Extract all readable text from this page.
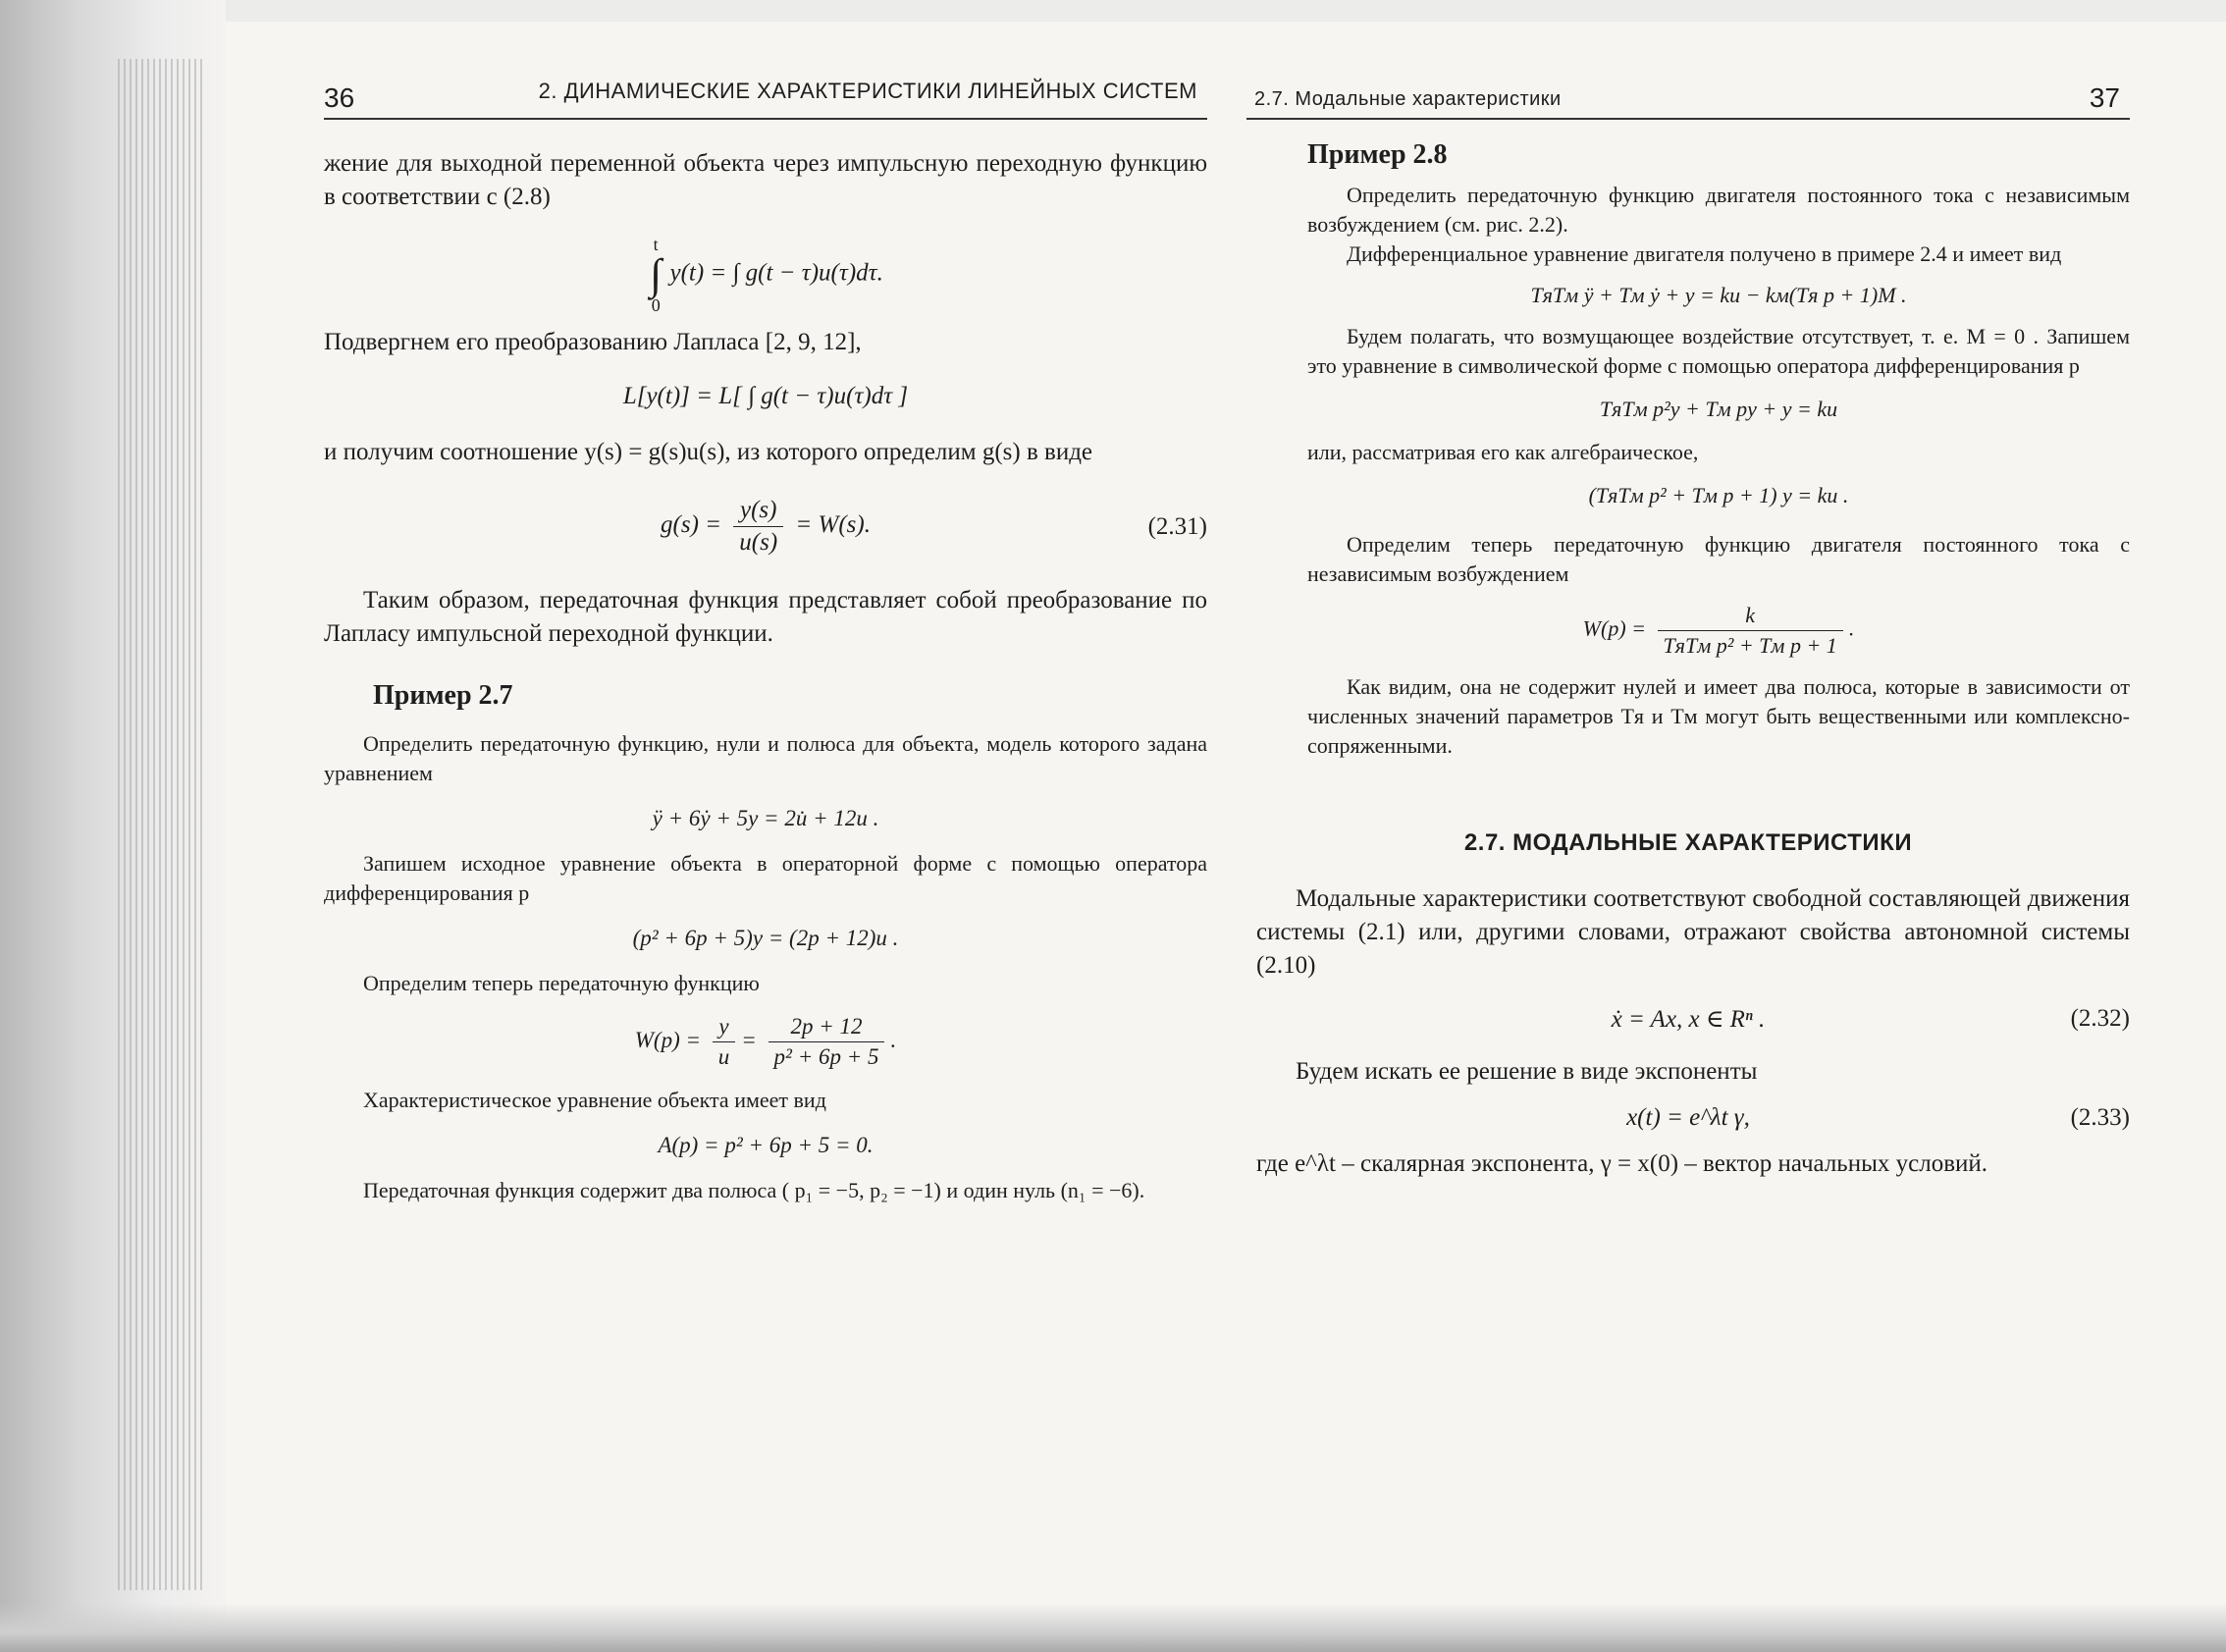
36	2. ДИНАМИЧЕСКИЕ ХАРАКТЕРИСТИКИ ЛИНЕЙНЫХ СИСТЕМ

жение для выходной переменной объекта через импульсную переходную функцию в соответствии с (2.8)

t
∫
0
y(t) = ∫ g(t − τ)u(τ)dτ.

Подвергнем его преобразованию Лапласа [2, 9, 12],

L[y(t)] = L[ ∫ g(t − τ)u(τ)dτ ]

и получим соотношение y(s) = g(s)u(s), из которого определим g(s) в виде

$g(s) = \frac{y(s)}{u(s)} = W(s)$.	(2.31)

Таким образом, передаточная функция представляет собой преобразование по Лапласу импульсной переходной функции.

Пример 2.7

Определить передаточную функцию, нули и полюса для объекта, модель которого задана уравнением

ÿ + 6ẏ + 5y = 2u̇ + 12u .

Запишем исходное уравнение объекта в операторной форме с помощью оператора дифференцирования p

(p² + 6p + 5)y = (2p + 12)u .

Определим теперь передаточную функцию

$W(p) = \frac{y}{u} = \frac{2p + 12}{\text{p² + 6p + 5}}$ .

Характеристическое уравнение объекта имеет вид

A(p) = p² + 6p + 5 = 0.

Передаточная функция содержит два полюса ( p₁ = −5, p₂ = −1) и один нуль (n₁ = −6).

2.7. Модальные характеристики	37
Пример 2.8

Определить передаточную функцию двигателя постоянного тока с независимым возбуждением (см. рис. 2.2).

Дифференциальное уравнение двигателя получено в примере 2.4 и имеет вид

TяTм ÿ + Tм ẏ + y = ku − kм(Tя p + 1)M .

Будем полагать, что возмущающее воздействие отсутствует, т. е. M = 0 . Запишем это уравнение в символической форме с помощью оператора дифференцирования p

TяTм p²y + Tм py + y = ku

или, рассматривая его как алгебраическое,

(TяTм p² + Tм p + 1) y = ku .

Определим теперь передаточную функцию двигателя постоянного тока с независимым возбуждением

$W(p) = \frac{k}{\text{TяTм p² + Tм p + 1}}$ .

Как видим, она не содержит нулей и имеет два полюса, которые в зависимости от численных значений параметров Tя и Tм могут быть вещественными или комплексно-сопряженными.

2.7. МОДАЛЬНЫЕ ХАРАКТЕРИСТИКИ

Модальные характеристики соответствуют свободной составляющей движения системы (2.1) или, другими словами, отражают свойства автономной системы (2.10)

ẋ = Ax, x ∈ Rⁿ .	(2.32)

Будем искать ее решение в виде экспоненты

x(t) = e^λt γ,	(2.33)

где e^λt – скалярная экспонента, γ = x(0) – вектор начальных условий.
